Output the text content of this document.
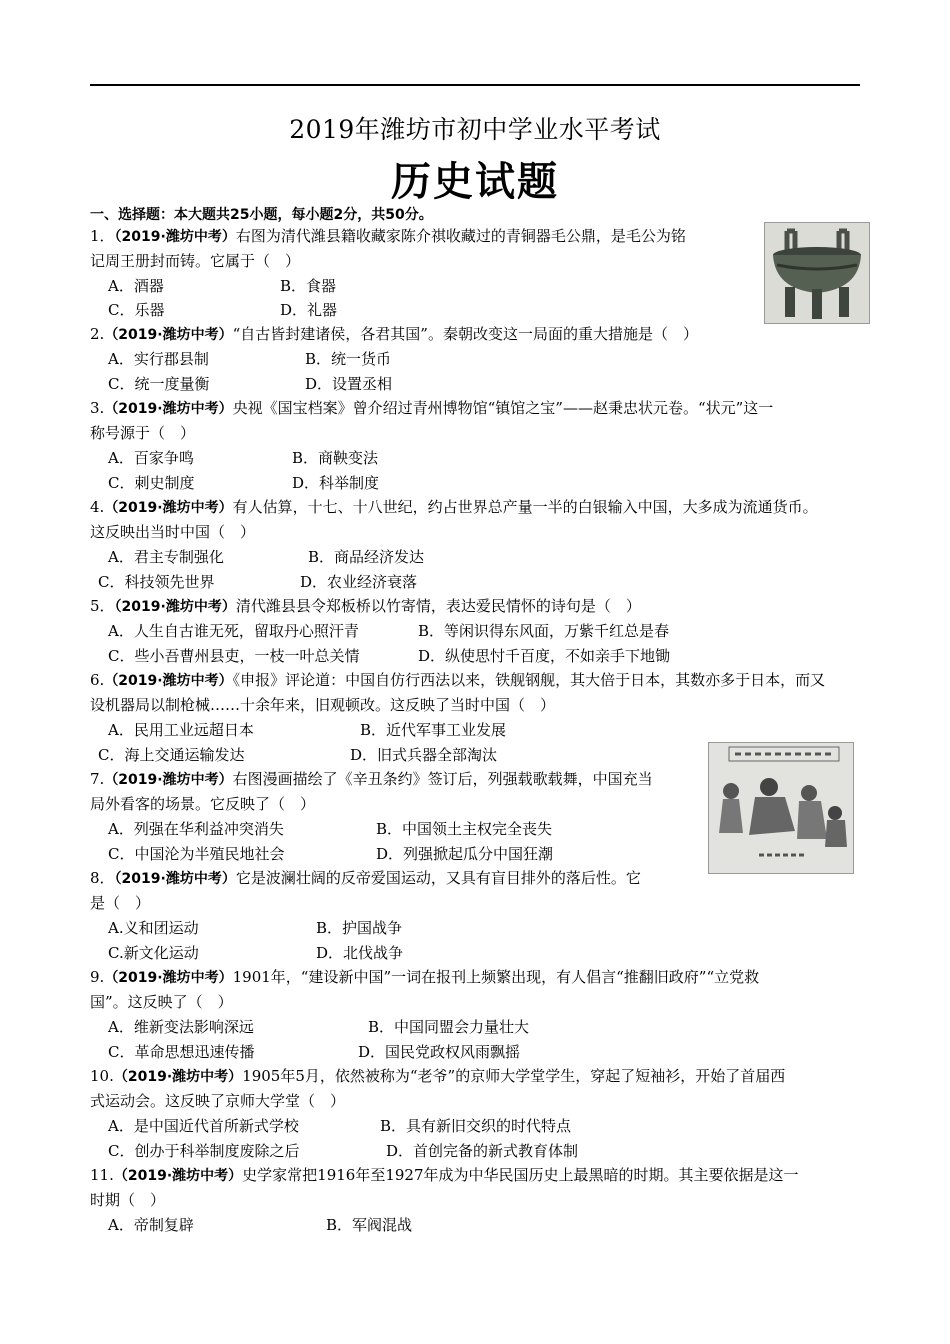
2019年潍坊市初中学业水平考试
历史试题
一、选择题：本大题共25小题，每小题2分，共50分。
1．（2019·潍坊中考）右图为清代潍县籍收藏家陈介祺收藏过的青铜器毛公鼎，是毛公为铭
记周王册封而铸。它属于（　）
A．酒器	B．食器
C．乐器	D．礼器
2.（2019·潍坊中考）“自古皆封建诸侯，各君其国”。秦朝改变这一局面的重大措施是（　）
A．实行郡县制	B．统一货币
C．统一度量衡	D．设置丞相
3.（2019·潍坊中考）央视《国宝档案》曾介绍过青州博物馆“镇馆之宝”——赵秉忠状元卷。“状元”这一
称号源于（　）
A．百家争鸣	B．商鞅变法
C．刺史制度	D．科举制度
4.（2019·潍坊中考）有人估算，十七、十八世纪，约占世界总产量一半的白银输入中国，大多成为流通货币。
这反映出当时中国（　）
A．君主专制强化	B．商品经济发达
C．科技领先世界	D．农业经济衰落
5．（2019·潍坊中考）清代潍县县令郑板桥以竹寄情，表达爱民情怀的诗句是（　）
A．人生自古谁无死，留取丹心照汗青	B．等闲识得东风面，万紫千红总是春
C．些小吾曹州县吏，一枝一叶总关情	D．纵使思忖千百度，不如亲手下地锄
6.（2019·潍坊中考）《申报》评论道：中国自仿行西法以来，铁舰钢舰，其大倍于日本，其数亦多于日本，而又
设机器局以制枪械……十余年来，旧观顿改。这反映了当时中国（　）
A．民用工业远超日本	B．近代军事工业发展
C．海上交通运输发达	D．旧式兵器全部淘汰
7.（2019·潍坊中考）右图漫画描绘了《辛丑条约》签订后，列强载歌载舞，中国充当
局外看客的场景。它反映了（　）
A．列强在华利益冲突消失	B．中国领土主权完全丧失
C．中国沦为半殖民地社会	D．列强掀起瓜分中国狂潮
8．（2019·潍坊中考）它是波澜壮阔的反帝爱国运动，又具有盲目排外的落后性。它
是（　）
A.义和团运动	B．护国战争
C.新文化运动	D．北伐战争
9.（2019·潍坊中考）1901年，“建设新中国”一词在报刊上频繁出现，有人倡言“推翻旧政府”“立党救
国”。这反映了（　）
A．维新变法影响深远	B．中国同盟会力量壮大
C．革命思想迅速传播	D．国民党政权风雨飘摇
10.（2019·潍坊中考）1905年5月，依然被称为“老爷”的京师大学堂学生，穿起了短袖衫，开始了首届西
式运动会。这反映了京师大学堂（　）
A．是中国近代首所新式学校	B．具有新旧交织的时代特点
C．创办于科举制度废除之后	D．首创完备的新式教育体制
11.（2019·潍坊中考）史学家常把1916年至1927年成为中华民国历史上最黑暗的时期。其主要依据是这一
时期（　）
A．帝制复辟	B．军阀混战
